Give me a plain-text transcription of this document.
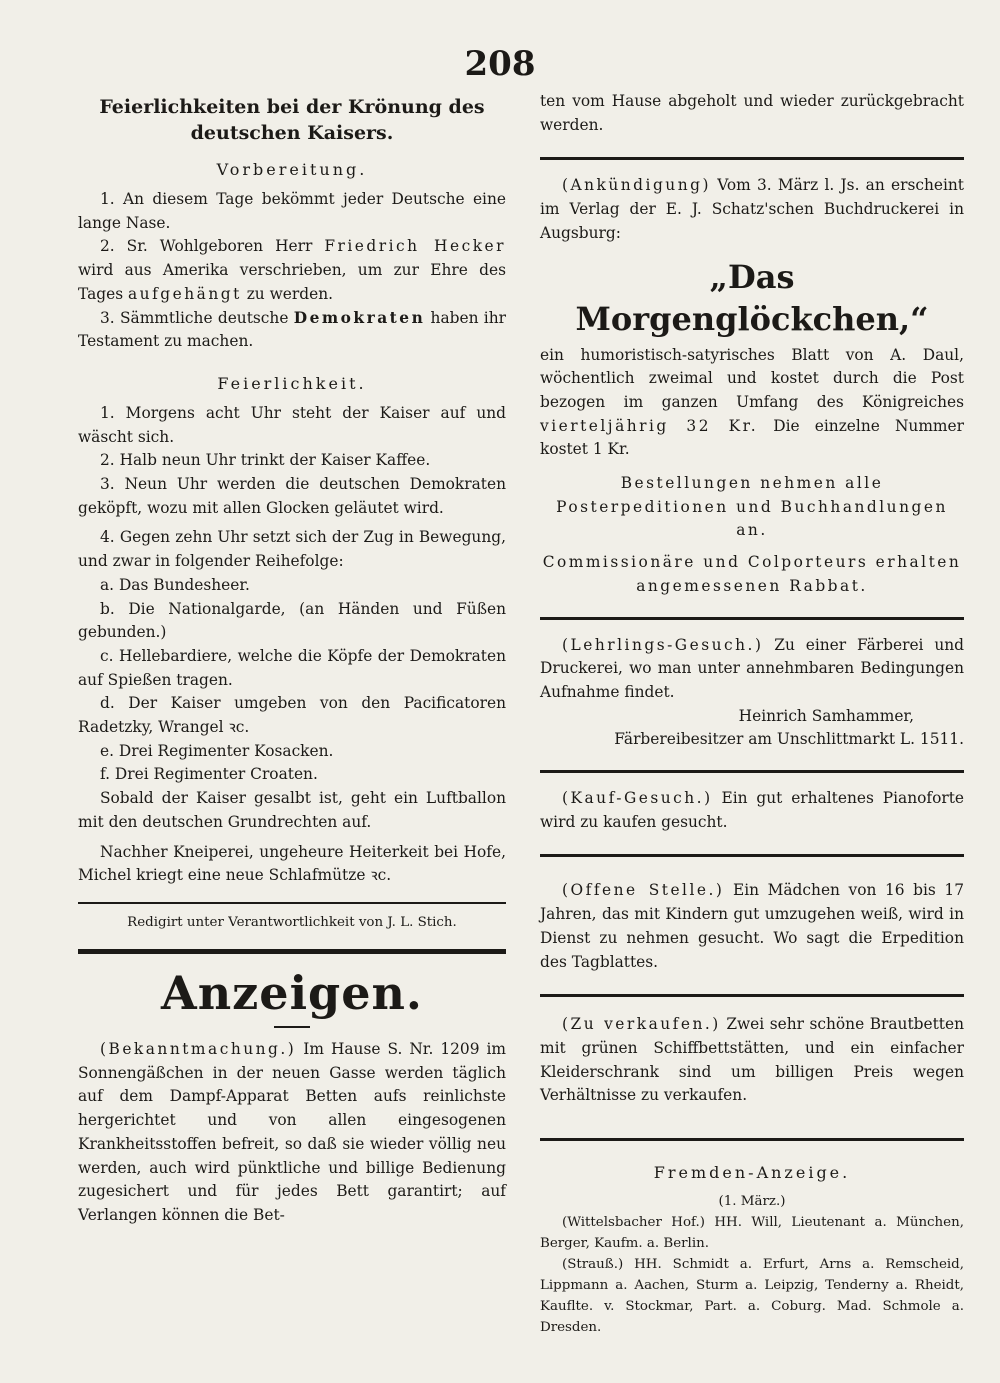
208
Feierlichkeiten bei der Krönung des deutschen Kaisers.
Vorbereitung.

1. An diesem Tage bekömmt jeder Deutsche eine lange Nase.

2. Sr. Wohlgeboren Herr Friedrich Hecker wird aus Amerika verschrieben, um zur Ehre des Tages aufgehängt zu werden.

3. Sämmtliche deutsche Demokraten haben ihr Testament zu machen.

Feierlichkeit.

1. Morgens acht Uhr steht der Kaiser auf und wäscht sich.

2. Halb neun Uhr trinkt der Kaiser Kaffee.

3. Neun Uhr werden die deutschen Demokraten geköpft, wozu mit allen Glocken geläutet wird.

4. Gegen zehn Uhr setzt sich der Zug in Bewegung, und zwar in folgender Reihefolge:

a. Das Bundesheer.

b. Die Nationalgarde, (an Händen und Füßen gebunden.)

c. Hellebardiere, welche die Köpfe der Demokraten auf Spießen tragen.

d. Der Kaiser umgeben von den Pacificatoren Radetzky, Wrangel ꝛc.

e. Drei Regimenter Kosacken.

f. Drei Regimenter Croaten.

Sobald der Kaiser gesalbt ist, geht ein Luftballon mit den deutschen Grundrechten auf.

Nachher Kneiperei, ungeheure Heiterkeit bei Hofe, Michel kriegt eine neue Schlafmütze ꝛc.

Redigirt unter Verantwortlichkeit von J. L. Stich.

Anzeigen.

(Bekanntmachung.) Im Hause S. Nr. 1209 im Sonnengäßchen in der neuen Gasse werden täglich auf dem Dampf-Apparat Betten aufs reinlichste hergerichtet und von allen eingesogenen Krankheitsstoffen befreit, so daß sie wieder völlig neu werden, auch wird pünktliche und billige Bedienung zugesichert und für jedes Bett garantirt; auf Verlangen können die Bet-

ten vom Hause abgeholt und wieder zurückgebracht werden.

(Ankündigung) Vom 3. März l. Js. an erscheint im Verlag der E. J. Schatz'schen Buchdruckerei in Augsburg:

„Das Morgenglöckchen,“

ein humoristisch-satyrisches Blatt von A. Daul, wöchentlich zweimal und kostet durch die Post bezogen im ganzen Umfang des Königreiches vierteljährig 32 Kr. Die einzelne Nummer kostet 1 Kr.

Bestellungen nehmen alle Posterpeditionen und Buchhandlungen an.

Commissionäre und Colporteurs erhalten angemessenen Rabbat.

(Lehrlings-Gesuch.) Zu einer Färberei und Druckerei, wo man unter annehmbaren Bedingungen Aufnahme findet.

Heinrich Samhammer,

Färbereibesitzer am Unschlittmarkt L. 1511.

(Kauf-Gesuch.) Ein gut erhaltenes Pianoforte wird zu kaufen gesucht.

(Offene Stelle.) Ein Mädchen von 16 bis 17 Jahren, das mit Kindern gut umzugehen weiß, wird in Dienst zu nehmen gesucht. Wo sagt die Erpedition des Tagblattes.

(Zu verkaufen.) Zwei sehr schöne Brautbetten mit grünen Schiffbettstätten, und ein einfacher Kleiderschrank sind um billigen Preis wegen Verhältnisse zu verkaufen.

Fremden-Anzeige.

(1. März.)

(Wittelsbacher Hof.) HH. Will, Lieutenant a. München, Berger, Kaufm. a. Berlin.

(Strauß.) HH. Schmidt a. Erfurt, Arns a. Remscheid, Lippmann a. Aachen, Sturm a. Leipzig, Tenderny a. Rheidt, Kaufltе. v. Stockmar, Part. a. Coburg. Mad. Schmole a. Dresden.
